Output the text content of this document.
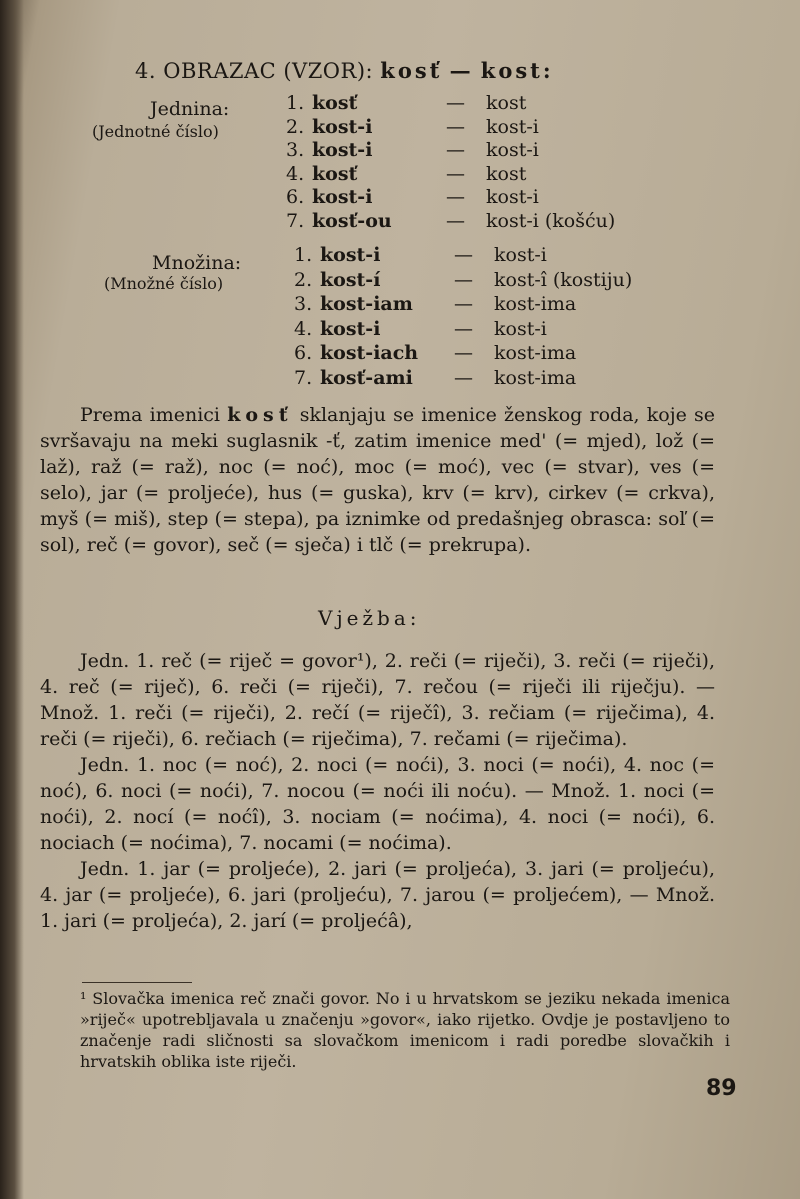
4. OBRAZAC (VZOR): kosť — kost:
Jednina:
(Jednotné číslo)
1. kosť	— kost
2. kost-i	— kost-i
3. kost-i	— kost-i
4. kosť	— kost
6. kost-i	— kost-i
7. kosť-ou	— kost-i (košću)
Množina:
(Množné číslo)
1. kost-i	— kost-i
2. kost-í	— kost-î (kostiju)
3. kost-iam — kost-ima
4. kost-i	— kost-i
6. kost-iach — kost-ima
7. kosť-ami — kost-ima

Prema imenici kosť sklanjaju se imenice ženskog roda, koje se svršavaju na meki suglasnik -ť, zatim imenice med' (= mjed), lož (= laž), raž (= raž), noc (= noć), moc (= moć), vec (= stvar), ves (= selo), jar (= proljeće), hus (= guska), krv (= krv), cirkev (= crkva), myš (= miš), step (= stepa), pa iznimke od predašnjeg obrasca: soľ (= sol), reč (= govor), seč (= sječa) i tlč (= prekrupa).

Vježba:

Jedn. 1. reč (= riječ = govor¹), 2. reči (= riječi), 3. reči (= riječi), 4. reč (= riječ), 6. reči (= riječi), 7. rečou (= riječi ili riječju). — Množ. 1. reči (= riječi), 2. rečí (= riječî), 3. rečiam (= riječima), 4. reči (= riječi), 6. rečiach (= riječima), 7. rečami (= riječima).

Jedn. 1. noc (= noć), 2. noci (= noći), 3. noci (= noći), 4. noc (= noć), 6. noci (= noći), 7. nocou (= noći ili noću). — Množ. 1. noci (= noći), 2. nocí (= noćî), 3. nociam (= noćima), 4. noci (= noći), 6. nociach (= noćima), 7. nocami (= noćima).

Jedn. 1. jar (= proljeće), 2. jari (= proljeća), 3. jari (= proljeću), 4. jar (= proljeće), 6. jari (proljeću), 7. jarou (= proljećem), — Množ. 1. jari (= proljeća), 2. jarí (= proljećâ),

¹ Slovačka imenica reč znači govor. No i u hrvatskom se jeziku nekada imenica »riječ« upotrebljavala u značenju »govor«, iako rijetko. Ovdje je postavljeno to značenje radi sličnosti sa slovačkom imenicom i radi poredbe slovačkih i hrvatskih oblika iste riječi.
89
